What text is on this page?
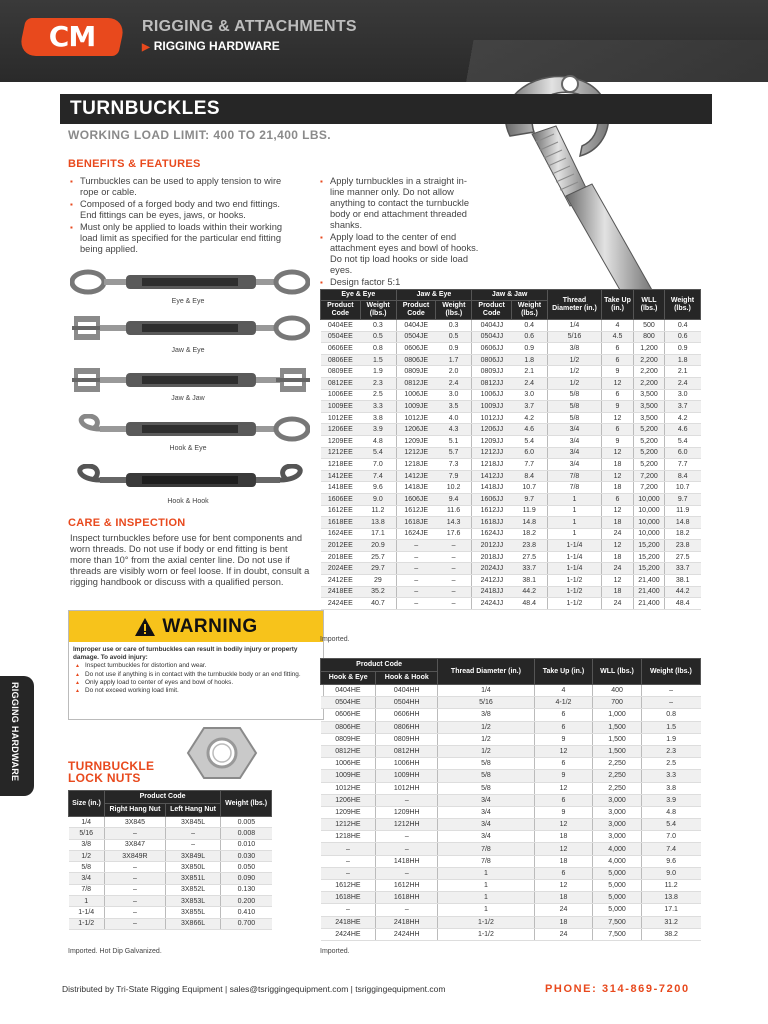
CM	RIGGING & ATTACHMENTS
▶ RIGGING HARDWARE
TURNBUCKLES
WORKING LOAD LIMIT: 400 TO 21,400 LBS.
BENEFITS & FEATURES
▪ Turnbuckles can be used to apply tension to wire rope or cable.
▪ Composed of a forged body and two end fittings. End fittings can be eyes, jaws, or hooks.
▪ Must only be applied to loads within their working load limit as specified for the particular end fitting being applied.
▪ Apply turnbuckles in a straight in-line manner only. Do not allow anything to contact the turnbuckle body or end attachment threaded shanks.
▪ Apply load to the center of end attachment eyes and bowl of hooks. Do not tip load hooks or side load eyes.
▪ Design factor 5:1
Eye & Eye
Jaw & Eye
Jaw & Jaw
Hook & Eye
Hook & Hook
CARE & INSPECTION
Inspect turnbuckles before use for bent components and worn threads. Do not use if body or end fitting is bent more than 10° from the axial center line. Do not use if threads are visibly worn or feel loose. If in doubt, consult a rigging handbook or discuss with a qualified person.
WARNING
Improper use or care of turnbuckles can result in bodily injury or property damage. To avoid injury:
▲ Inspect turnbuckles for distortion and wear.
▲ Do not use if anything is in contact with the turnbuckle body or an end fitting.
▲ Only apply load to center of eyes and bowl of hooks.
▲ Do not exceed working load limit.
RIGGING HARDWARE	TURNBUCKLE
LOCK NUTS
Eye & Eye		Jaw & Eye		Jaw & Jaw		Thread Diameter (in.)	Take Up (in.)	WLL (lbs.)	Weight (lbs.)
Product Code	Weight (lbs.)	Product Code	Weight (lbs.)	Product Code	Weight (lbs.)				
0404EE	0.3	0404JE	0.3	0404JJ	0.4	1/4	4	500	0.4
0504EE	0.5	0504JE	0.5	0504JJ	0.6	5/16	4.5	800	0.6
0606EE	0.8	0606JE	0.9	0606JJ	0.9	3/8	6	1,200	0.9
0806EE	1.5	0806JE	1.7	0806JJ	1.8	1/2	6	2,200	1.8
0809EE	1.9	0809JE	2.0	0809JJ	2.1	1/2	9	2,200	2.1
0812EE	2.3	0812JE	2.4	0812JJ	2.4	1/2	12	2,200	2.4
1006EE	2.5	1006JE	3.0	1006JJ	3.0	5/8	6	3,500	3.0
1009EE	3.3	1009JE	3.5	1009JJ	3.7	5/8	9	3,500	3.7
1012EE	3.8	1012JE	4.0	1012JJ	4.2	5/8	12	3,500	4.2
1206EE	3.9	1206JE	4.3	1206JJ	4.6	3/4	6	5,200	4.6
1209EE	4.8	1209JE	5.1	1209JJ	5.4	3/4	9	5,200	5.4
1212EE	5.4	1212JE	5.7	1212JJ	6.0	3/4	12	5,200	6.0
1218EE	7.0	1218JE	7.3	1218JJ	7.7	3/4	18	5,200	7.7
1412EE	7.4	1412JE	7.9	1412JJ	8.4	7/8	12	7,200	8.4
1418EE	9.6	1418JE	10.2	1418JJ	10.7	7/8	18	7,200	10.7
1606EE	9.0	1606JE	9.4	1606JJ	9.7	1	6	10,000	9.7
1612EE	11.2	1612JE	11.6	1612JJ	11.9	1	12	10,000	11.9
1618EE	13.8	1618JE	14.3	1618JJ	14.8	1	18	10,000	14.8
1624EE	17.1	1624JE	17.6	1624JJ	18.2	1	24	10,000	18.2
2012EE	20.9	–	–	2012JJ	23.8	1-1/4	12	15,200	23.8
2018EE	25.7	–	–	2018JJ	27.5	1-1/4	18	15,200	27.5
2024EE	29.7	–	–	2024JJ	33.7	1-1/4	24	15,200	33.7
2412EE	29	–	–	2412JJ	38.1	1-1/2	12	21,400	38.1
2418EE	35.2	–	–	2418JJ	44.2	1-1/2	18	21,400	44.2
2424EE	40.7	–	–	2424JJ	48.4	1-1/2	24	21,400	48.4
Imported.
Product Code		Thread Diameter (in.)	Take Up (in.)	WLL (lbs.)	Weight (lbs.)
Hook & Eye	Hook & Hook				
0404HE	0404HH	1/4	4	400	–
0504HE	0504HH	5/16	4-1/2	700	–
0606HE	0606HH	3/8	6	1,000	0.8
0806HE	0806HH	1/2	6	1,500	1.5
0809HE	0809HH	1/2	9	1,500	1.9
0812HE	0812HH	1/2	12	1,500	2.3
1006HE	1006HH	5/8	6	2,250	2.5
1009HE	1009HH	5/8	9	2,250	3.3
1012HE	1012HH	5/8	12	2,250	3.8
1206HE	–	3/4	6	3,000	3.9
1209HE	1209HH	3/4	9	3,000	4.8
1212HE	1212HH	3/4	12	3,000	5.4
1218HE	–	3/4	18	3,000	7.0
–	–	7/8	12	4,000	7.4
–	1418HH	7/8	18	4,000	9.6
–	–	1	6	5,000	9.0
1612HE	1612HH	1	12	5,000	11.2
1618HE	1618HH	1	18	5,000	13.8
–	–	1	24	5,000	17.1
2418HE	2418HH	1-1/2	18	7,500	31.2
2424HE	2424HH	1-1/2	24	7,500	38.2
Imported.
Size (in.)	Product Code		Weight (lbs.)
	Right Hang Nut	Left Hang Nut	
1/4	3X845	3X845L	0.005
5/16	–	–	0.008
3/8	3X847	–	0.010
1/2	3X849R	3X849L	0.030
5/8	–	3X850L	0.050
3/4	–	3X851L	0.090
7/8	–	3X852L	0.130
1	–	3X853L	0.200
1-1/4	–	3X855L	0.410
1-1/2	–	3X866L	0.700
Imported. Hot Dip Galvanized.
Distributed by Tri-State Rigging Equipment | sales@tsriggingequipment.com | tsriggingequipment.com	PHONE: 314-869-7200
